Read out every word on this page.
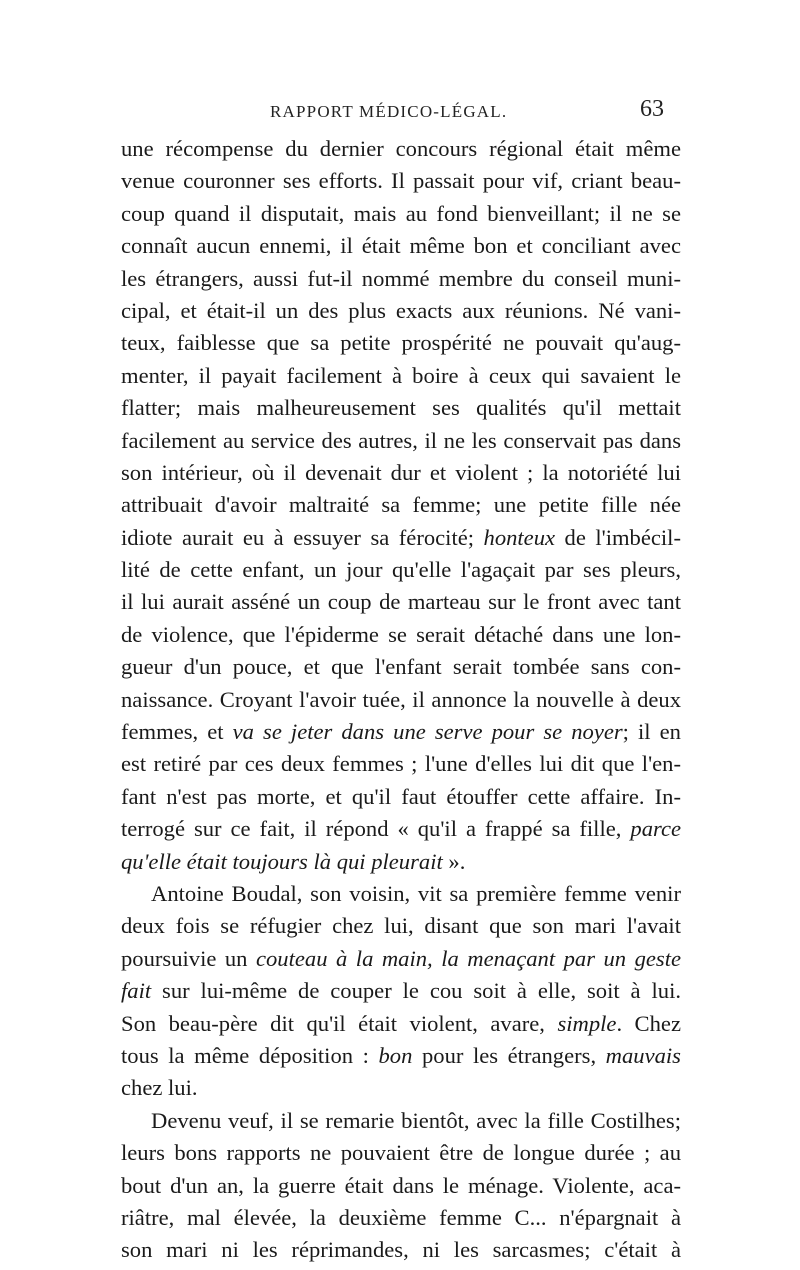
RAPPORT MÉDICO-LÉGAL.	63
une récompense du dernier concours régional était même
venue couronner ses efforts. Il passait pour vif, criant beau-
coup quand il disputait, mais au fond bienveillant; il ne se
connaît aucun ennemi, il était même bon et conciliant avec
les étrangers, aussi fut-il nommé membre du conseil muni-
cipal, et était-il un des plus exacts aux réunions. Né vani-
teux, faiblesse que sa petite prospérité ne pouvait qu'aug-
menter, il payait facilement à boire à ceux qui savaient le
flatter; mais malheureusement ses qualités qu'il mettait
facilement au service des autres, il ne les conservait pas dans
son intérieur, où il devenait dur et violent ; la notoriété lui
attribuait d'avoir maltraité sa femme; une petite fille née
idiote aurait eu à essuyer sa férocité; honteux de l'imbécil-
lité de cette enfant, un jour qu'elle l'agaçait par ses pleurs,
il lui aurait asséné un coup de marteau sur le front avec tant
de violence, que l'épiderme se serait détaché dans une lon-
gueur d'un pouce, et que l'enfant serait tombée sans con-
naissance. Croyant l'avoir tuée, il annonce la nouvelle à deux
femmes, et va se jeter dans une serve pour se noyer; il en
est retiré par ces deux femmes ; l'une d'elles lui dit que l'en-
fant n'est pas morte, et qu'il faut étouffer cette affaire. In-
terrogé sur ce fait, il répond « qu'il a frappé sa fille, parce
qu'elle était toujours là qui pleurait ».
Antoine Boudal, son voisin, vit sa première femme venir
deux fois se réfugier chez lui, disant que son mari l'avait
poursuivie un couteau à la main, la menaçant par un geste
fait sur lui-même de couper le cou soit à elle, soit à lui.
Son beau-père dit qu'il était violent, avare, simple. Chez
tous la même déposition : bon pour les étrangers, mauvais
chez lui.
Devenu veuf, il se remarie bientôt, avec la fille Costilhes;
leurs bons rapports ne pouvaient être de longue durée ; au
bout d'un an, la guerre était dans le ménage. Violente, aca-
riâtre, mal élevée, la deuxième femme C... n'épargnait à
son mari ni les réprimandes, ni les sarcasmes; c'était à
